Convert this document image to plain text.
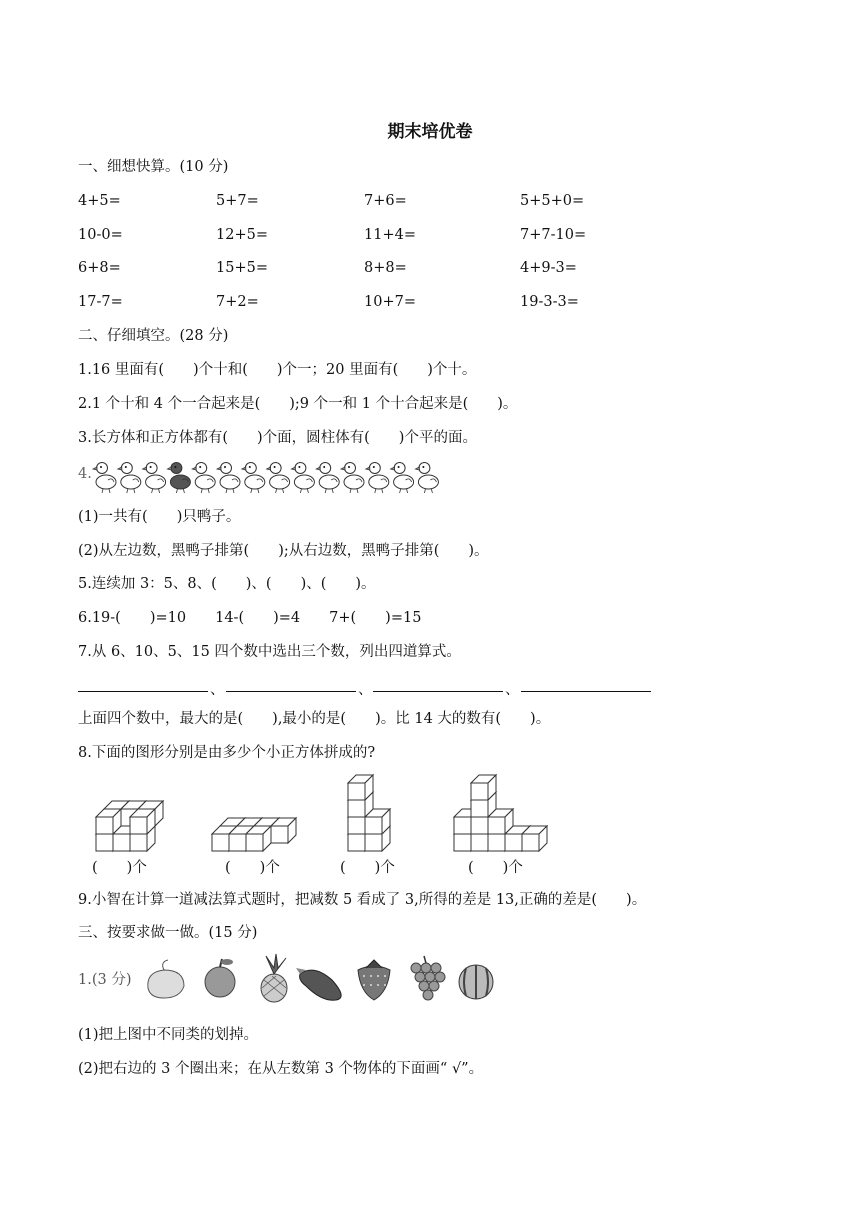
期末培优卷
一、细想快算。(10 分)
4+5=	5+7=	7+6=	5+5+0=
10-0=	12+5=	11+4=	7+7-10=
6+8=	15+5=	8+8=	4+9-3=
17-7=	7+2=	10+7=	19-3-3=
二、仔细填空。(28 分)
1.16 里面有(　　)个十和(　　)个一；20 里面有(　　)个十。
2.1 个十和 4 个一合起来是(　　);9 个一和 1 个十合起来是(　　)。
3.长方体和正方体都有(　　)个面，圆柱体有(　　)个平的面。
4.
(1)一共有(　　)只鸭子。
(2)从左边数，黑鸭子排第(　　);从右边数，黑鸭子排第(　　)。
5.连续加 3：5、8、(　　)、(　　)、(　　)。
6.19-(　　)=10　　14-(　　)=4　　7+(　　)=15
7.从 6、10、5、15 四个数中选出三个数，列出四道算式。
、	、	、
上面四个数中，最大的是(　　),最小的是(　　)。比 14 大的数有(　　)。
8.下面的图形分别是由多少个小正方体拼成的?
(　　)个	(　　)个	(　　)个	(　　)个
9.小智在计算一道减法算式题时，把减数 5 看成了 3,所得的差是 13,正确的差是(　　)。
三、按要求做一做。(15 分)
1.(3 分)
(1)把上图中不同类的划掉。
(2)把右边的 3 个圈出来；在从左数第 3 个物体的下面画“ √”。
